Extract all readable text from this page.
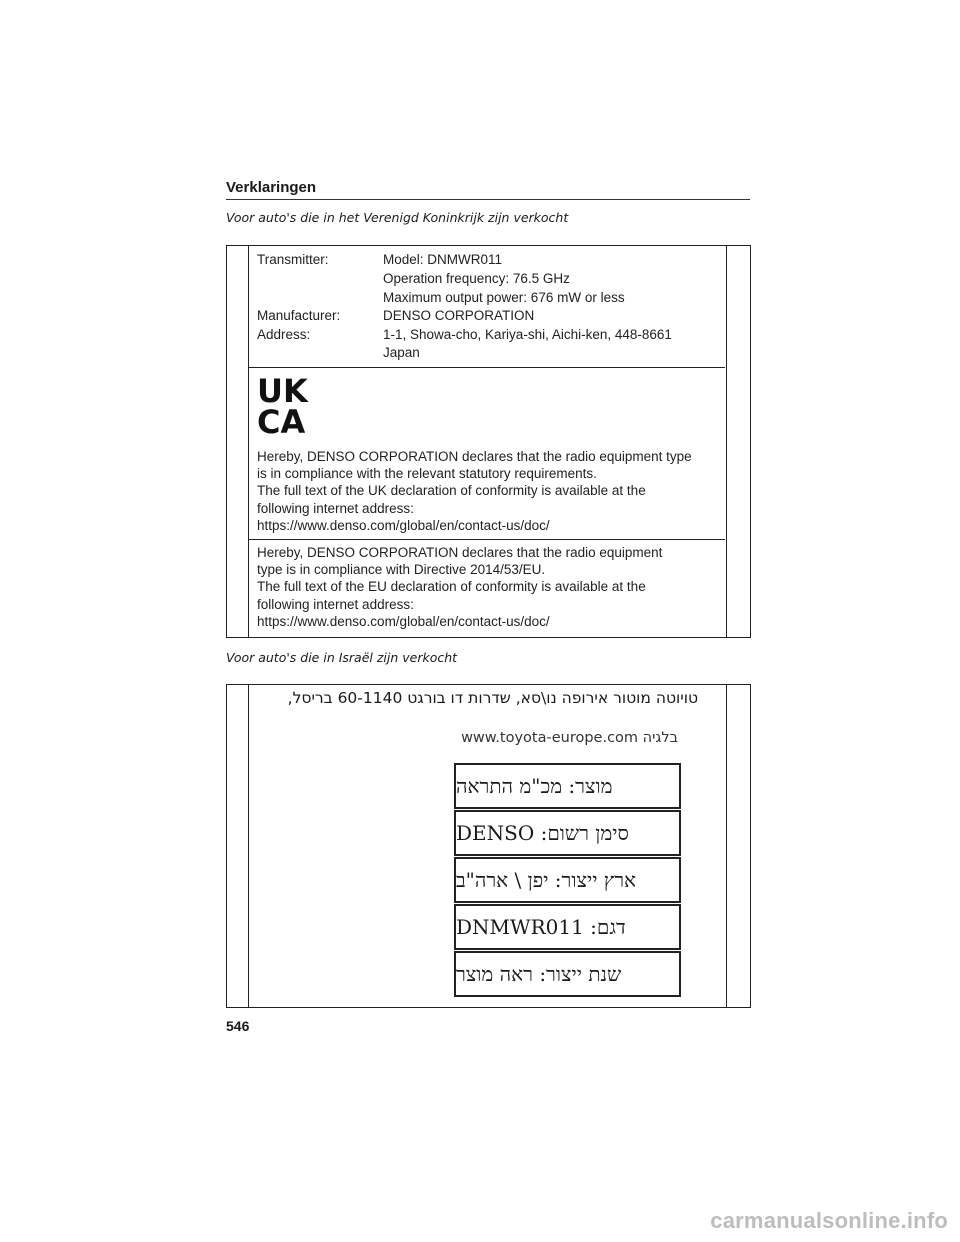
Verklaringen
Voor auto's die in het Verenigd Koninkrijk zijn verkocht
Transmitter:	Model: DNMWR011
Operation frequency: 76.5 GHz
Maximum output power: 676 mW or less
Manufacturer:	DENSO CORPORATION
Address:	1-1, Showa-cho, Kariya-shi, Aichi-ken, 448-8661
Japan
UK
CA
Hereby, DENSO CORPORATION declares that the radio equipment type
is in compliance with the relevant statutory requirements.
The full text of the UK declaration of conformity is available at the
following internet address:
https://www.denso.com/global/en/contact-us/doc/
Hereby, DENSO CORPORATION declares that the radio equipment
type is in compliance with Directive 2014/53/EU.
The full text of the EU declaration of conformity is available at the
following internet address:
https://www.denso.com/global/en/contact-us/doc/
Voor auto's die in Israël zijn verkocht
טויוטה מוטור אירופה נו\סא, שדרות דו בורגט 60-1140 בריסל,
www.toyota-europe.com בלגיה
מוצר: מכ"מ התראה
סימן רשום: DENSO
ארץ ייצור: יפן \ ארה"ב
דגם: DNMWR011
שנת ייצור: ראה מוצר
546
carmanualsonline.info
